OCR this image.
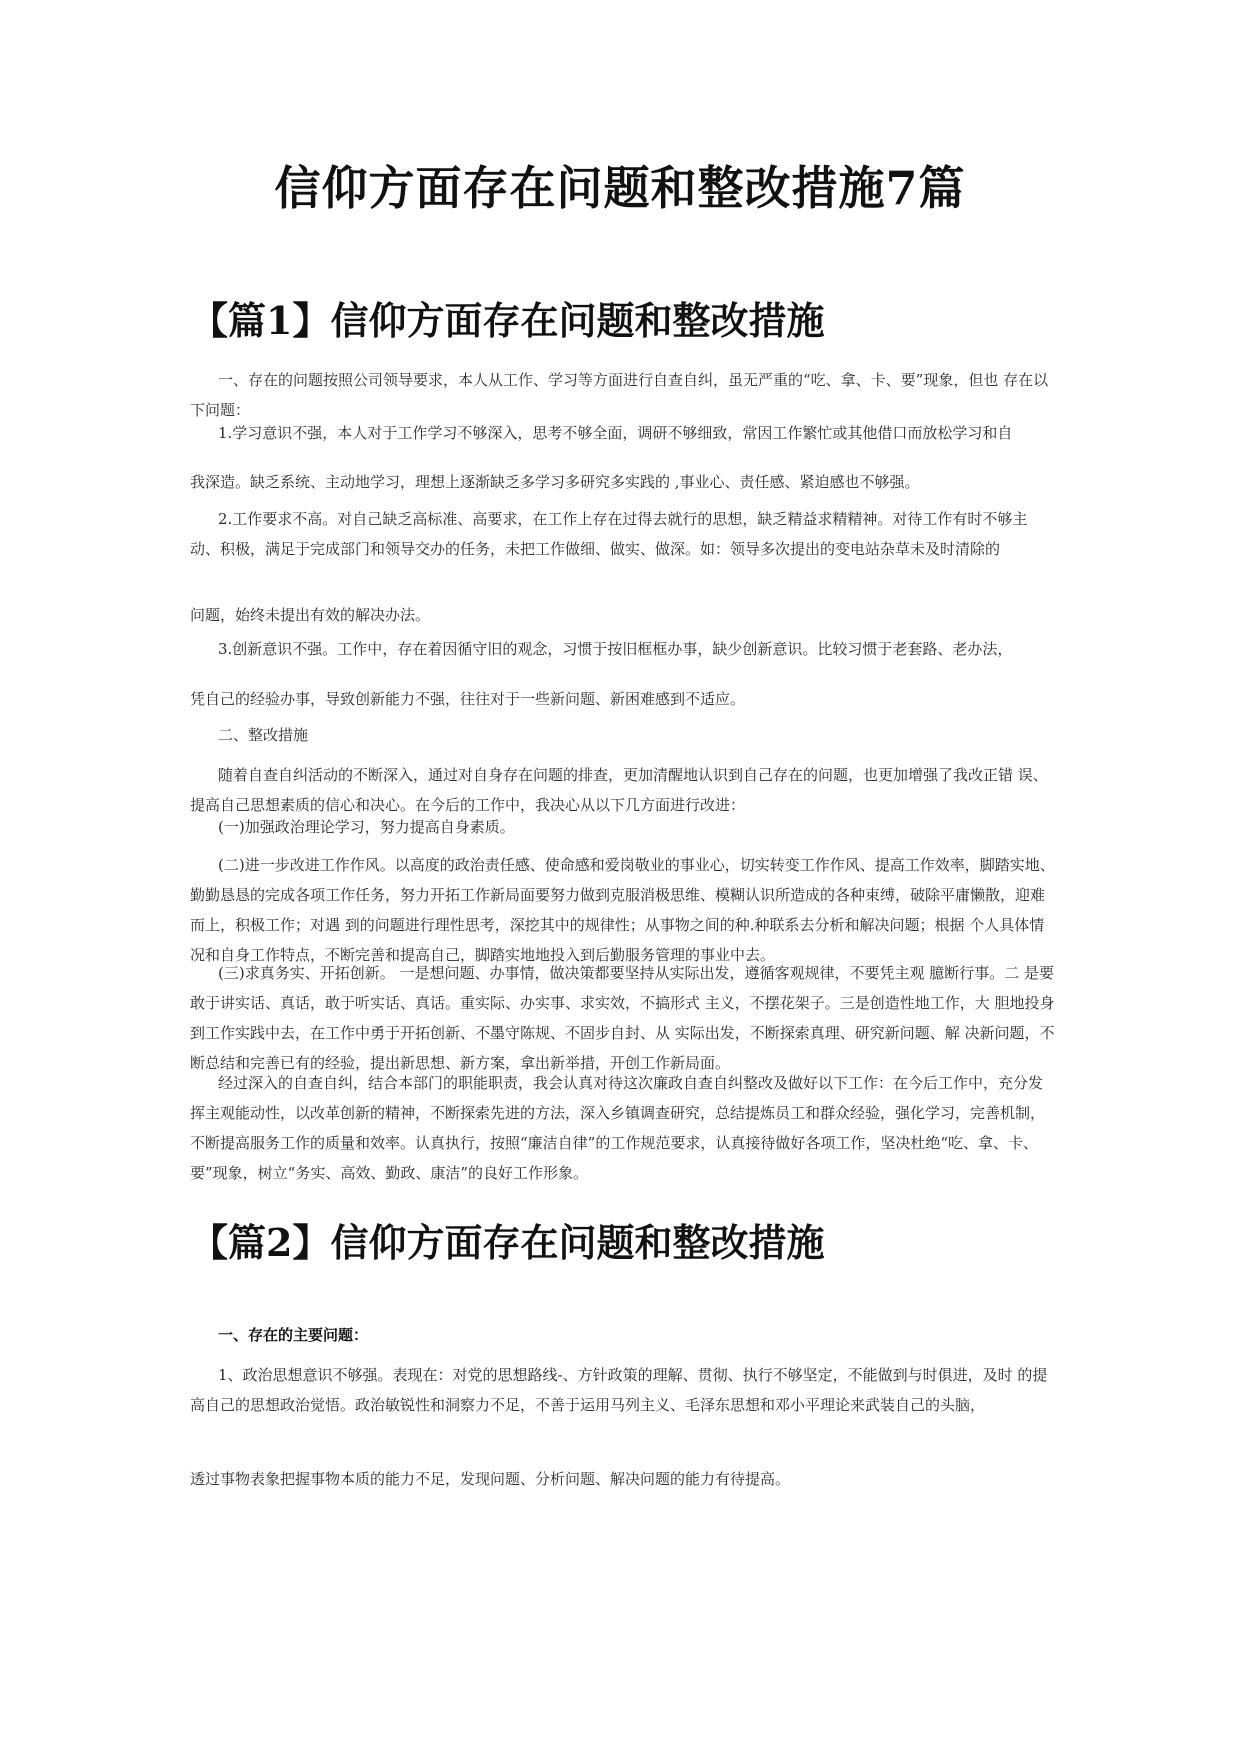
信仰方面存在问题和整改措施7篇
【篇1】信仰方面存在问题和整改措施

一、存在的问题按照公司领导要求，本人从工作、学习等方面进行自查自纠，虽无严重的“吃、拿、卡、要”现象，但也 存在以下问题：

1.学习意识不强，本人对于工作学习不够深入，思考不够全面，调研不够细致，常因工作繁忙或其他借口而放松学习和自

我深造。缺乏系统、主动地学习，理想上逐渐缺乏多学习多研究多实践的 ,事业心、责任感、紧迫感也不够强。

2.工作要求不高。对自己缺乏高标准、高要求，在工作上存在过得去就行的思想，缺乏精益求精精神。对待工作有时不够主动、积极，满足于完成部门和领导交办的任务，未把工作做细、做实、做深。如：领导多次提出的变电站杂草未及时清除的

问题，始终未提出有效的解决办法。

3.创新意识不强。工作中，存在着因循守旧的观念，习惯于按旧框框办事，缺少创新意识。比较习惯于老套路、老办法，

凭自己的经验办事，导致创新能力不强，往往对于一些新问题、新困难感到不适应。

二、整改措施

随着自查自纠活动的不断深入，通过对自身存在问题的排查，更加清醒地认识到自己存在的问题，也更加增强了我改正错 误、提高自己思想素质的信心和决心。在今后的工作中，我决心从以下几方面进行改进：

(一)加强政治理论学习，努力提高自身素质。

(二)进一步改进工作作风。以高度的政治责任感、使命感和爱岗敬业的事业心，切实转变工作作风、提高工作效率，脚踏实地、勤勤恳恳的完成各项工作任务，努力开拓工作新局面要努力做到克服消极思维、模糊认识所造成的各种束缚，破除平庸懒散，迎难而上，积极工作；对遇 到的问题进行理性思考，深挖其中的规律性；从事物之间的种.种联系去分析和解决问题；根据 个人具体情况和自身工作特点，不断完善和提高自己，脚踏实地地投入到后勤服务管理的事业中去。

(三)求真务实、开拓创新。 一是想问题、办事情，做决策都要坚持从实际出发，遵循客观规律，不要凭主观 臆断行事。二 是要敢于讲实话、真话，敢于听实话、真话。重实际、办实事、求实效，不搞形式 主义，不摆花架子。三是创造性地工作，大 胆地投身到工作实践中去，在工作中勇于开拓创新、不墨守陈规、不固步自封、从 实际出发，不断探索真理、研究新问题、解 决新问题，不断总结和完善已有的经验，提出新思想、新方案，拿出新举措，开创工作新局面。

经过深入的自查自纠，结合本部门的职能职责，我会认真对待这次廉政自查自纠整改及做好以下工作：在今后工作中，充分发挥主观能动性，以改革创新的精神，不断探索先进的方法，深入乡镇调查研究，总结提炼员工和群众经验，强化学习，完善机制，不断提高服务工作的质量和效率。认真执行，按照“廉洁自律”的工作规范要求，认真接待做好各项工作，坚决杜绝“吃、拿、卡、要”现象，树立“务实、高效、勤政、康洁”的良好工作形象。

【篇2】信仰方面存在问题和整改措施

一、存在的主要问题：

1、政治思想意识不够强。表现在：对党的思想路线-、方针政策的理解、贯彻、执行不够坚定，不能做到与时俱进，及时 的提高自己的思想政治觉悟。政治敏锐性和洞察力不足，不善于运用马列主义、毛泽东思想和邓小平理论来武装自己的头脑，

透过事物表象把握事物本质的能力不足，发现问题、分析问题、解决问题的能力有待提高。
